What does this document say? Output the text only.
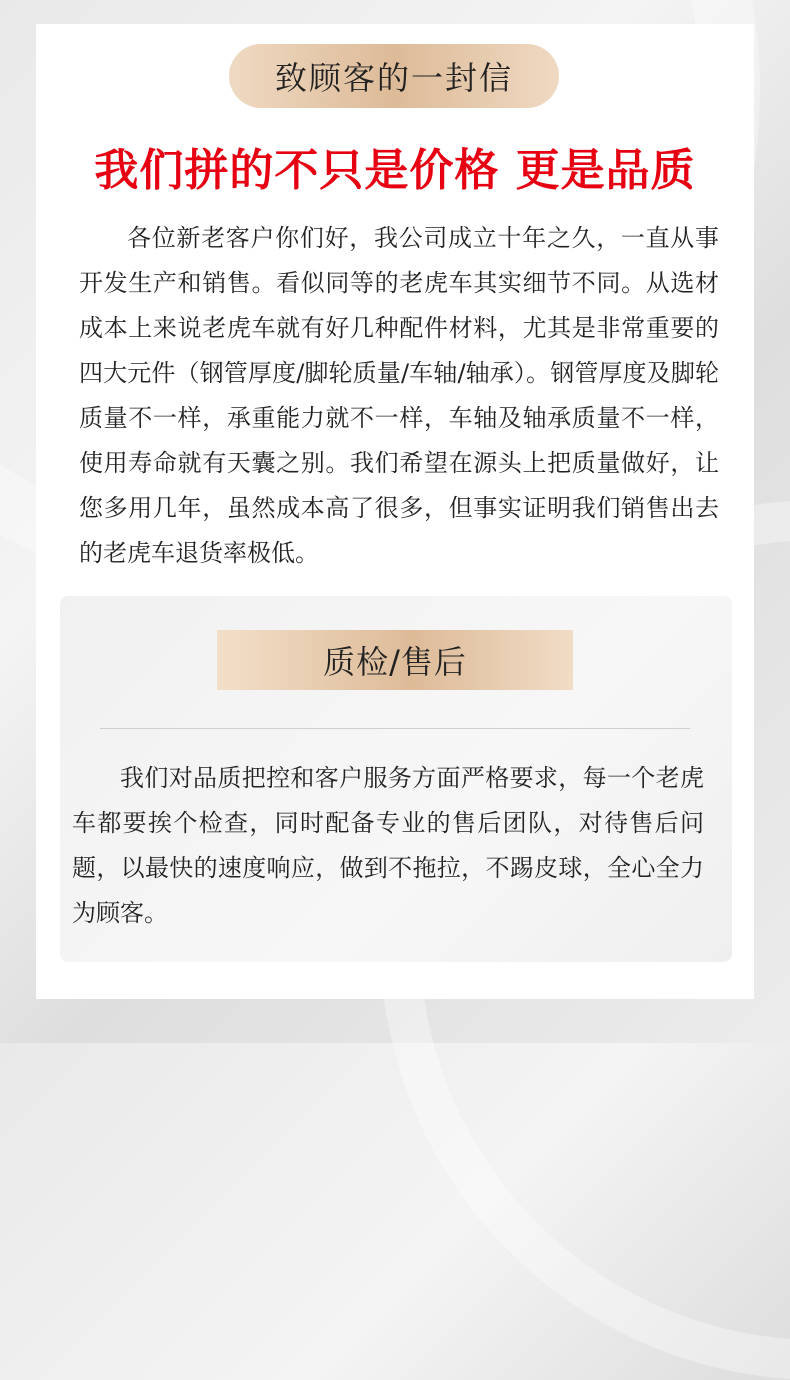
致顾客的一封信
我们拼的不只是价格 更是品质

各位新老客户你们好，我公司成立十年之久，一直从事开发生产和销售。看似同等的老虎车其实细节不同。从选材成本上来说老虎车就有好几种配件材料，尤其是非常重要的四大元件（钢管厚度/脚轮质量/车轴/轴承）。钢管厚度及脚轮质量不一样，承重能力就不一样，车轴及轴承质量不一样，使用寿命就有天囊之别。我们希望在源头上把质量做好，让您多用几年，虽然成本高了很多，但事实证明我们销售出去的老虎车退货率极低。

质检/售后

我们对品质把控和客户服务方面严格要求，每一个老虎车都要挨个检查，同时配备专业的售后团队，对待售后问题，以最快的速度响应，做到不拖拉，不踢皮球，全心全力为顾客。
